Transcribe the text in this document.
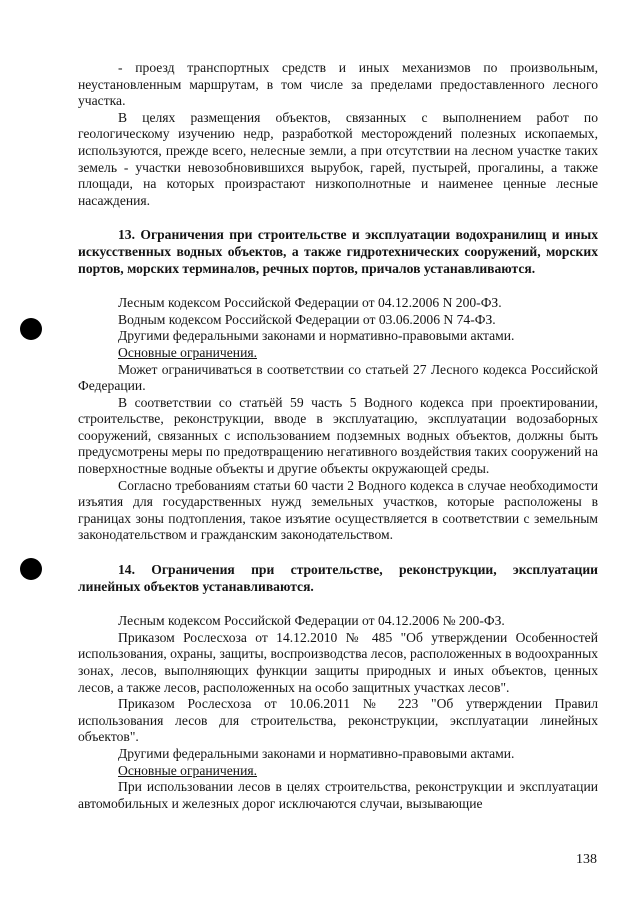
- проезд транспортных средств и иных механизмов по произвольным, неустановленным маршрутам, в том числе за пределами предоставленного лесного участка.

В целях размещения объектов, связанных с выполнением работ по геологическому изучению недр, разработкой месторождений полезных ископаемых, используются, прежде всего, нелесные земли, а при отсутствии на лесном участке таких земель - участки невозобновившихся вырубок, гарей, пустырей, прогалины, а также площади, на которых произрастают низкополнотные и наименее ценные лесные насаждения.

13. Ограничения при строительстве и эксплуатации водохранилищ и иных искусственных водных объектов, а также гидротехнических сооружений, морских портов, морских терминалов, речных портов, причалов устанавливаются.

Лесным кодексом Российской Федерации от 04.12.2006 N 200-ФЗ.

Водным кодексом Российской Федерации от 03.06.2006 N 74-ФЗ.

Другими федеральными законами и нормативно-правовыми актами.

Основные ограничения.

Может ограничиваться в соответствии со статьей 27 Лесного кодекса Российской Федерации.

В соответствии со статьёй 59 часть 5 Водного кодекса при проектировании, строительстве, реконструкции, вводе в эксплуатацию, эксплуатации водозаборных сооружений, связанных с использованием подземных водных объектов, должны быть предусмотрены меры по предотвращению негативного воздействия таких сооружений на поверхностные водные объекты и другие объекты окружающей среды.

Согласно требованиям статьи 60 части 2 Водного кодекса в случае необходимости изъятия для государственных нужд земельных участков, которые расположены в границах зоны подтопления, такое изъятие осуществляется в соответствии с земельным законодательством и гражданским законодательством.

14. Ограничения при строительстве, реконструкции, эксплуатации линейных объектов устанавливаются.

Лесным кодексом Российской Федерации от 04.12.2006 № 200-ФЗ.

Приказом Рослесхоза от 14.12.2010 № 485 "Об утверждении Особенностей использования, охраны, защиты, воспроизводства лесов, расположенных в водоохранных зонах, лесов, выполняющих функции защиты природных и иных объектов, ценных лесов, а также лесов, расположенных на особо защитных участках лесов".

Приказом Рослесхоза от 10.06.2011 № 223 "Об утверждении Правил использования лесов для строительства, реконструкции, эксплуатации линейных объектов".

Другими федеральными законами и нормативно-правовыми актами.

Основные ограничения.

При использовании лесов в целях строительства, реконструкции и эксплуатации автомобильных и железных дорог исключаются случаи, вызывающие

138
